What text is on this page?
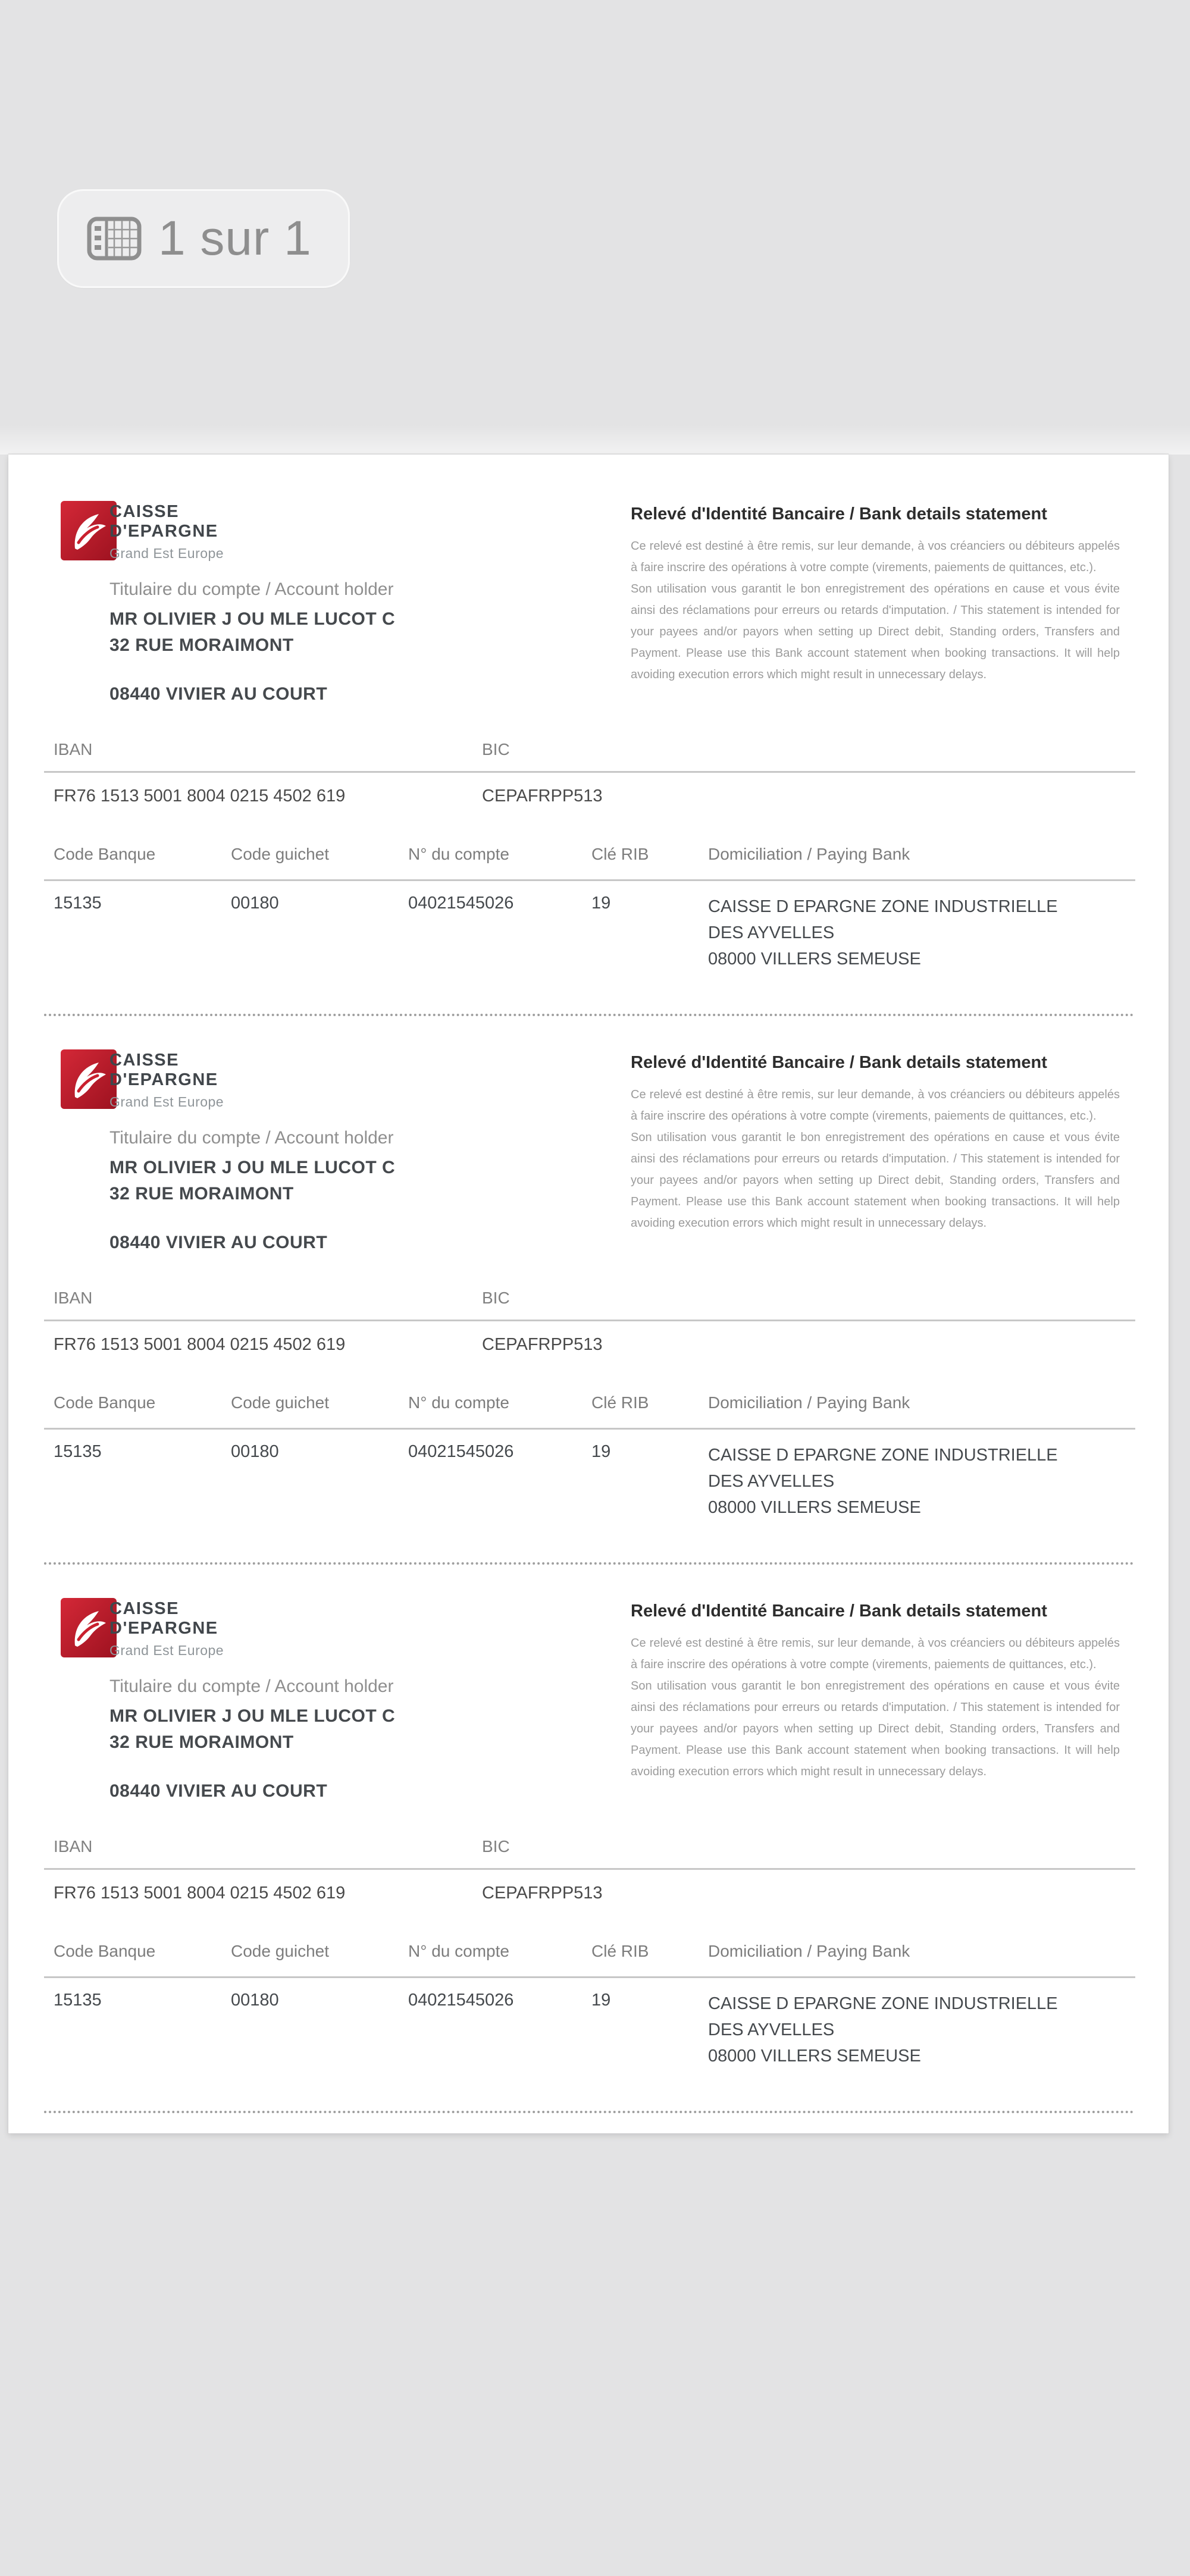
1 sur 1
CAISSE
D'EPARGNE
Grand Est Europe
Relevé d'Identité Bancaire / Bank details statement

Ce relevé est destiné à être remis, sur leur demande, à vos créanciers ou débiteurs appelés à faire inscrire des opérations à votre compte (virements, paiements de quittances, etc.).

Son utilisation vous garantit le bon enregistrement des opérations en cause et vous évite ainsi des réclamations pour erreurs ou retards d'imputation. / This statement is intended for your payees and/or payors when setting up Direct debit, Standing orders, Transfers and Payment. Please use this Bank account statement when booking transactions. It will help avoiding execution errors which might result in unnecessary delays.

Titulaire du compte / Account holder
MR OLIVIER J OU MLE LUCOT C
32 RUE MORAIMONT
08440 VIVIER AU COURT
IBAN	BIC
FR76 1513 5001 8004 0215 4502 619	CEPAFRPP513
Code Banque	Code guichet	N° du compte	Clé RIB	Domiciliation / Paying Bank
15135	00180	04021545026	19	CAISSE D EPARGNE ZONE INDUSTRIELLE
DES AYVELLES
08000 VILLERS SEMEUSE
CAISSE
D'EPARGNE
Grand Est Europe
Relevé d'Identité Bancaire / Bank details statement

Ce relevé est destiné à être remis, sur leur demande, à vos créanciers ou débiteurs appelés à faire inscrire des opérations à votre compte (virements, paiements de quittances, etc.).

Son utilisation vous garantit le bon enregistrement des opérations en cause et vous évite ainsi des réclamations pour erreurs ou retards d'imputation. / This statement is intended for your payees and/or payors when setting up Direct debit, Standing orders, Transfers and Payment. Please use this Bank account statement when booking transactions. It will help avoiding execution errors which might result in unnecessary delays.

Titulaire du compte / Account holder
MR OLIVIER J OU MLE LUCOT C
32 RUE MORAIMONT
08440 VIVIER AU COURT
IBAN	BIC
FR76 1513 5001 8004 0215 4502 619	CEPAFRPP513
Code Banque	Code guichet	N° du compte	Clé RIB	Domiciliation / Paying Bank
15135	00180	04021545026	19	CAISSE D EPARGNE ZONE INDUSTRIELLE
DES AYVELLES
08000 VILLERS SEMEUSE
CAISSE
D'EPARGNE
Grand Est Europe
Relevé d'Identité Bancaire / Bank details statement

Ce relevé est destiné à être remis, sur leur demande, à vos créanciers ou débiteurs appelés à faire inscrire des opérations à votre compte (virements, paiements de quittances, etc.).

Son utilisation vous garantit le bon enregistrement des opérations en cause et vous évite ainsi des réclamations pour erreurs ou retards d'imputation. / This statement is intended for your payees and/or payors when setting up Direct debit, Standing orders, Transfers and Payment. Please use this Bank account statement when booking transactions. It will help avoiding execution errors which might result in unnecessary delays.

Titulaire du compte / Account holder
MR OLIVIER J OU MLE LUCOT C
32 RUE MORAIMONT
08440 VIVIER AU COURT
IBAN	BIC
FR76 1513 5001 8004 0215 4502 619	CEPAFRPP513
Code Banque	Code guichet	N° du compte	Clé RIB	Domiciliation / Paying Bank
15135	00180	04021545026	19	CAISSE D EPARGNE ZONE INDUSTRIELLE
DES AYVELLES
08000 VILLERS SEMEUSE
